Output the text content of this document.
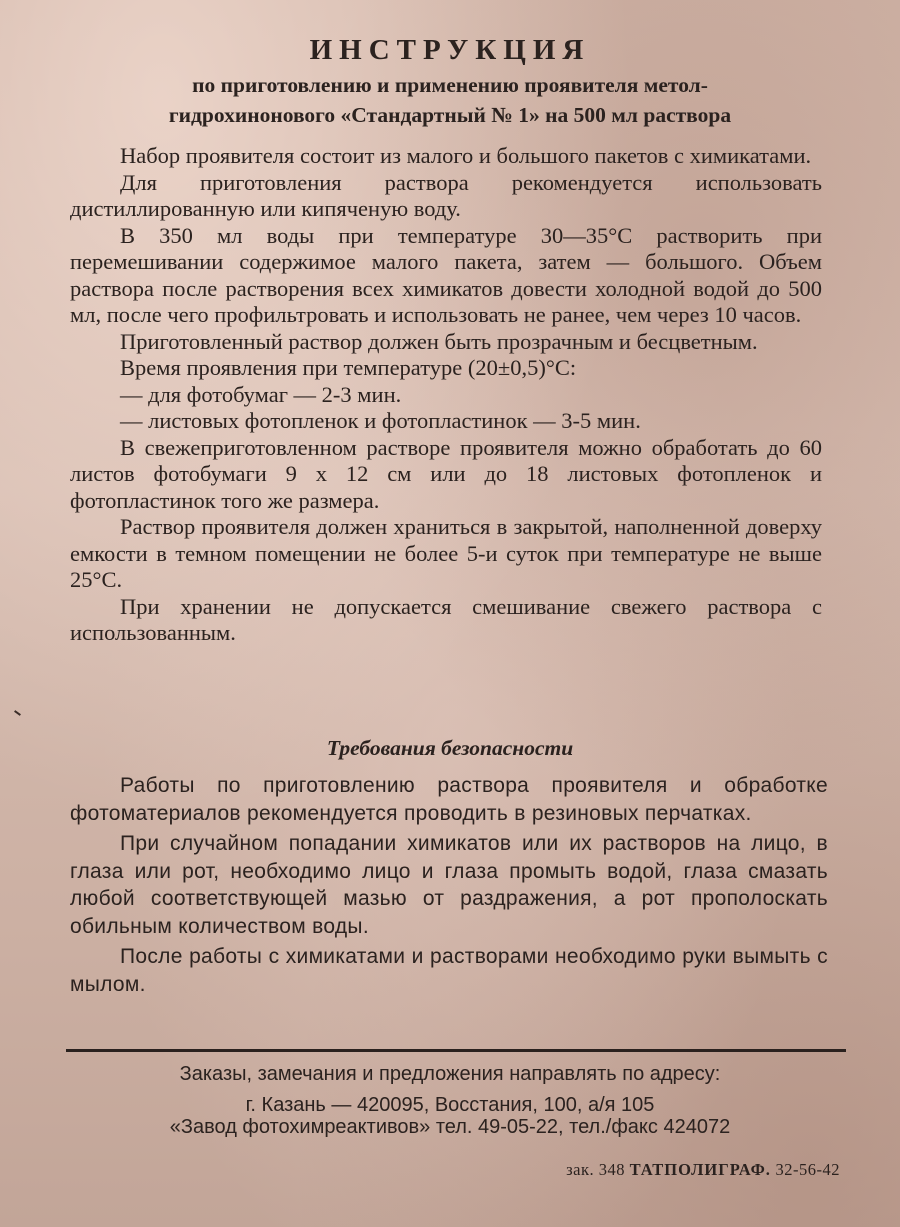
ИНСТРУКЦИЯ
по приготовлению и применению проявителя метол-
гидрохинонового «Стандартный № 1» на 500 мл раствора

Набор проявителя состоит из малого и большого пакетов с химикатами.

Для приготовления раствора рекомендуется использовать дистиллированную или кипяченую воду.

В 350 мл воды при температуре 30—35°С растворить при перемешивании содержимое малого пакета, затем — большого. Объем раствора после растворения всех химикатов довести холодной водой до 500 мл, после чего профильтровать и использовать не ранее, чем через 10 часов.

Приготовленный раствор должен быть прозрачным и бесцветным.

Время проявления при температуре (20±0,5)°С:

— для фотобумаг — 2-3 мин.

— листовых фотопленок и фотопластинок — 3-5 мин.

В свежеприготовленном растворе проявителя можно обработать до 60 листов фотобумаги 9 х 12 см или до 18 листовых фотопленок и фотопластинок того же размера.

Раствор проявителя должен храниться в закрытой, наполненной доверху емкости в темном помещении не более 5-и суток при температуре не выше 25°С.

При хранении не допускается смешивание свежего раствора с использованным.

Требования безопасности

Работы по приготовлению раствора проявителя и обработке фотоматериалов рекомендуется проводить в резиновых перчатках.

При случайном попадании химикатов или их растворов на лицо, в глаза или рот, необходимо лицо и глаза промыть водой, глаза смазать любой соответствующей мазью от раздражения, а рот прополоскать обильным количеством воды.

После работы с химикатами и растворами необходимо руки вымыть с мылом.

Заказы, замечания и предложения направлять по адресу:

г. Казань — 420095, Восстания, 100, а/я 105

«Завод фотохимреактивов» тел. 49-05-22, тел./факс 424072

зак. 348 ТАТПОЛИГРАФ. 32-56-42
